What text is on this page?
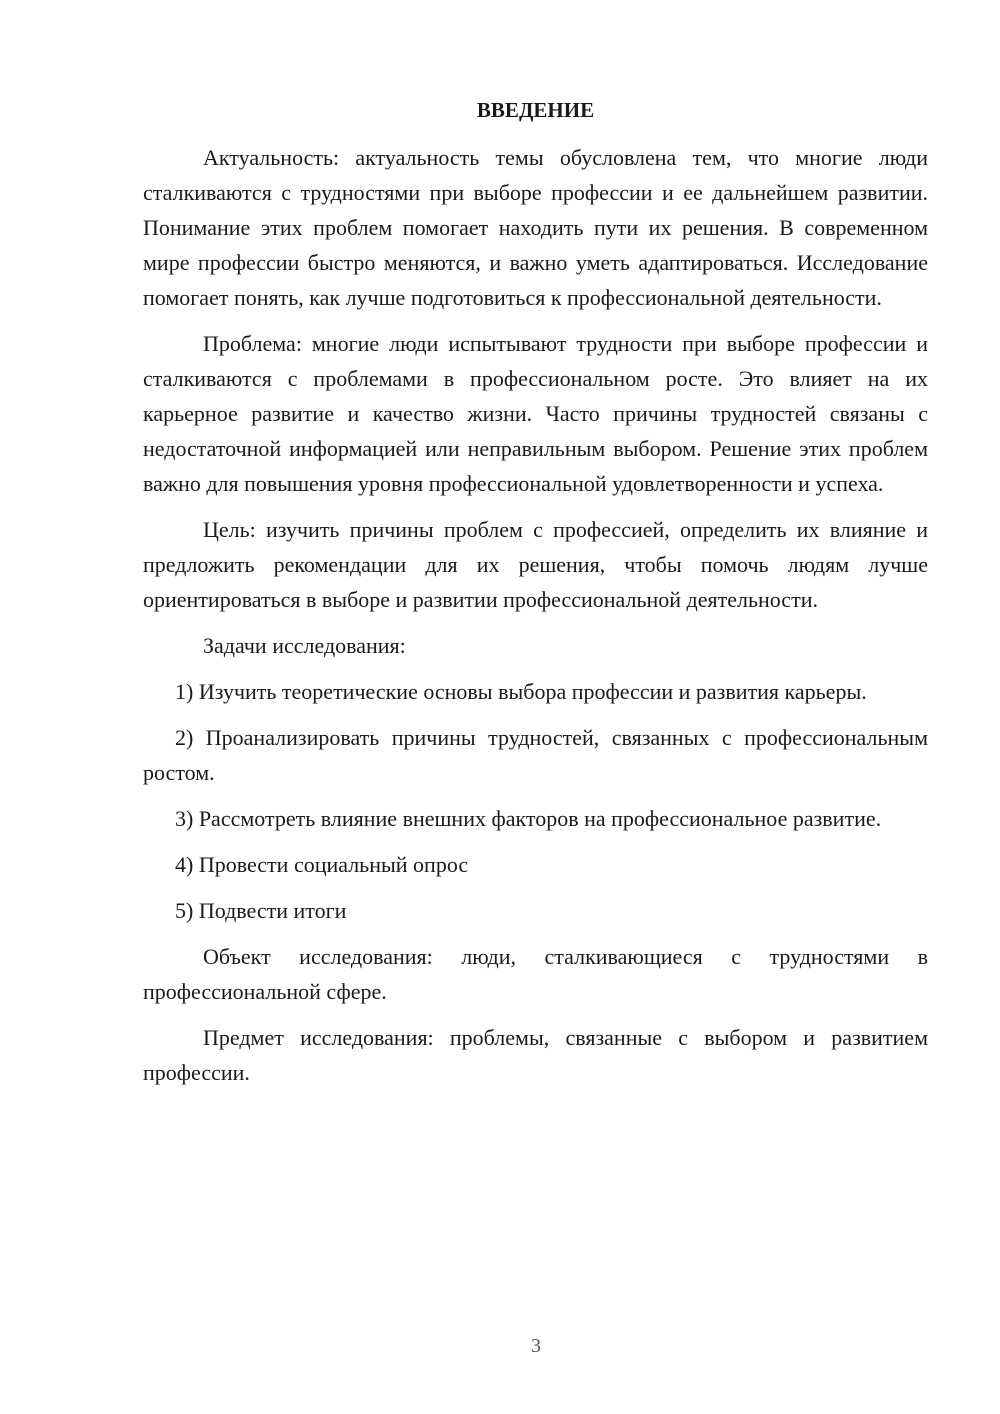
ВВЕДЕНИЕ

Актуальность: актуальность темы обусловлена тем, что многие люди сталкиваются с трудностями при выборе профессии и ее дальнейшем развитии. Понимание этих проблем помогает находить пути их решения. В современном мире профессии быстро меняются, и важно уметь адаптироваться. Исследование помогает понять, как лучше подготовиться к профессиональной деятельности.

Проблема: многие люди испытывают трудности при выборе профессии и сталкиваются с проблемами в профессиональном росте. Это влияет на их карьерное развитие и качество жизни. Часто причины трудностей связаны с недостаточной информацией или неправильным выбором. Решение этих проблем важно для повышения уровня профессиональной удовлетворенности и успеха.

Цель: изучить причины проблем с профессией, определить их влияние и предложить рекомендации для их решения, чтобы помочь людям лучше ориентироваться в выборе и развитии профессиональной деятельности.

Задачи исследования:

1) Изучить теоретические основы выбора профессии и развития карьеры.

2) Проанализировать причины трудностей, связанных с профессиональным ростом.

3) Рассмотреть влияние внешних факторов на профессиональное развитие.

4) Провести социальный опрос

5) Подвести итоги

Объект исследования: люди, сталкивающиеся с трудностями в профессиональной сфере.

Предмет исследования: проблемы, связанные с выбором и развитием профессии.

3
